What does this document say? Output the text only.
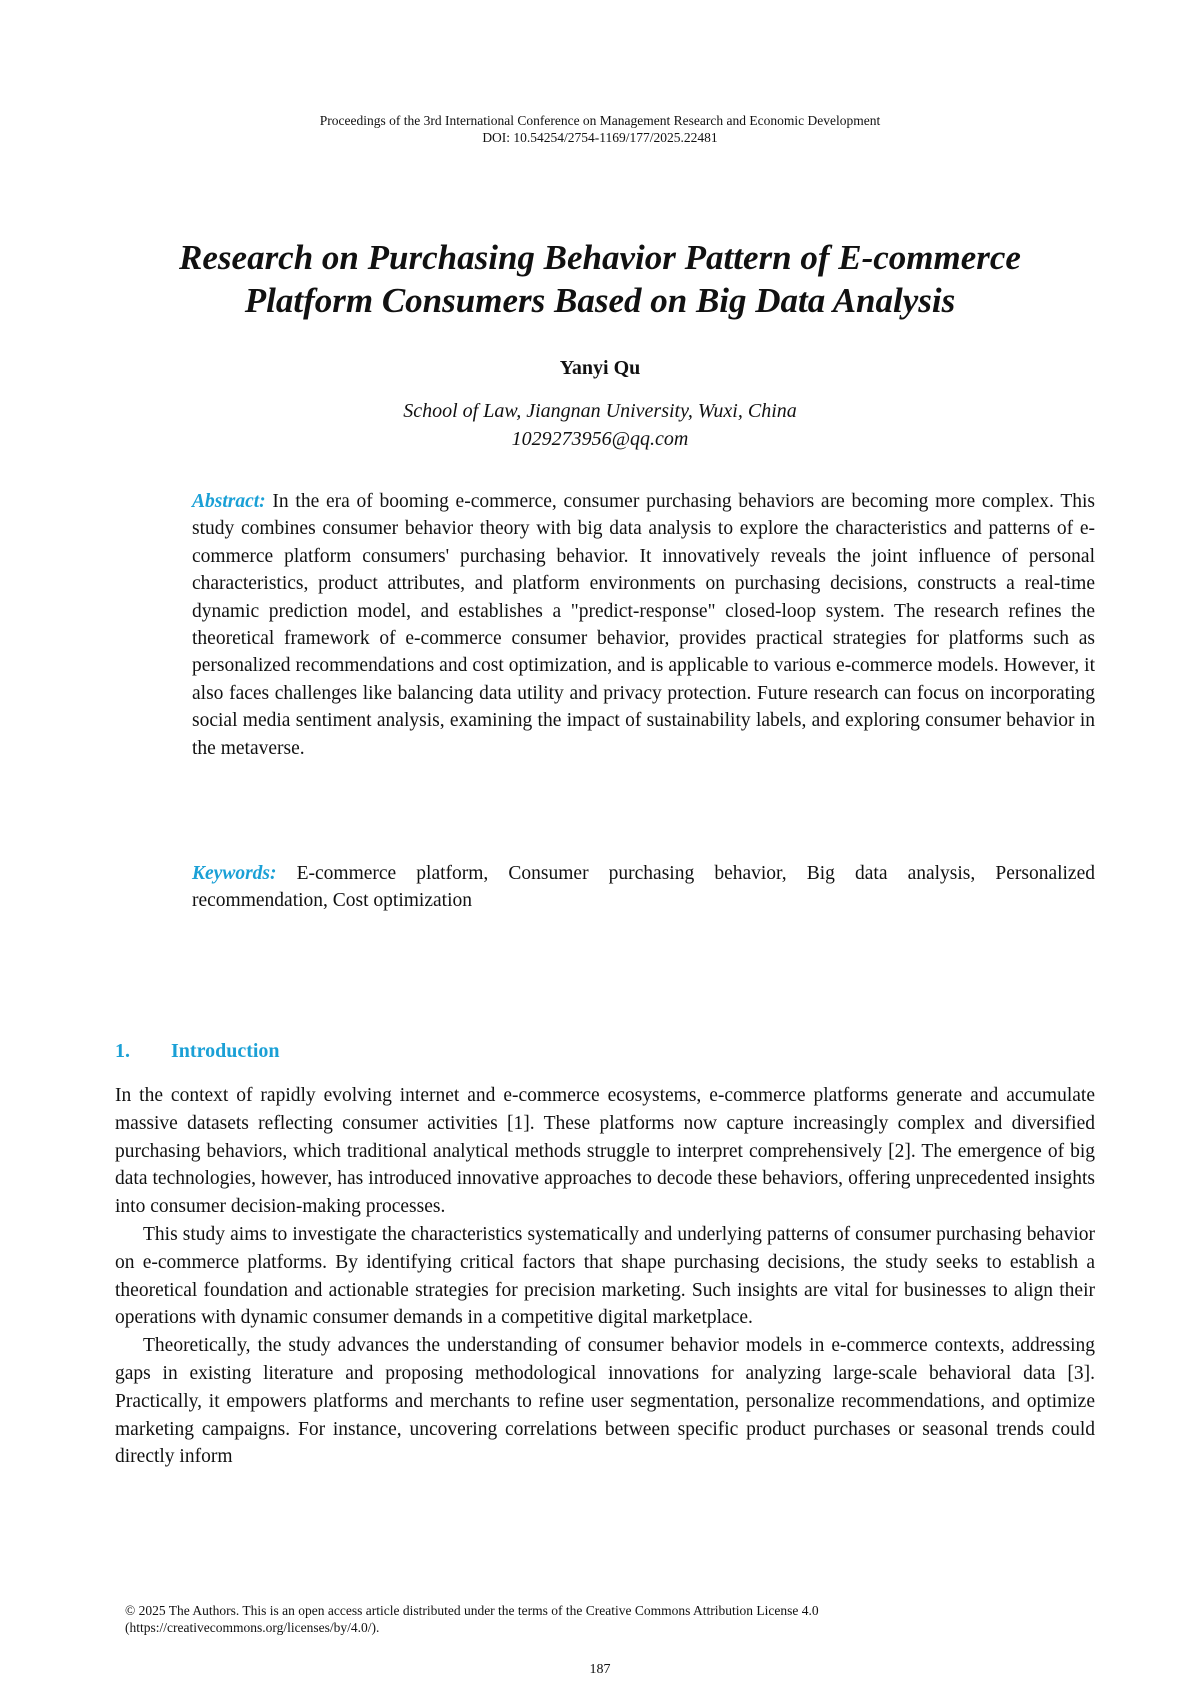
Proceedings of the 3rd International Conference on Management Research and Economic Development
DOI: 10.54254/2754-1169/177/2025.22481
Research on Purchasing Behavior Pattern of E-commerce
Platform Consumers Based on Big Data Analysis
Yanyi Qu
School of Law, Jiangnan University, Wuxi, China
1029273956@qq.com
Abstract: In the era of booming e-commerce, consumer purchasing behaviors are becoming more complex. This study combines consumer behavior theory with big data analysis to explore the characteristics and patterns of e-commerce platform consumers' purchasing behavior. It innovatively reveals the joint influence of personal characteristics, product attributes, and platform environments on purchasing decisions, constructs a real-time dynamic prediction model, and establishes a "predict-response" closed-loop system. The research refines the theoretical framework of e-commerce consumer behavior, provides practical strategies for platforms such as personalized recommendations and cost optimization, and is applicable to various e-commerce models. However, it also faces challenges like balancing data utility and privacy protection. Future research can focus on incorporating social media sentiment analysis, examining the impact of sustainability labels, and exploring consumer behavior in the metaverse.
Keywords: E-commerce platform, Consumer purchasing behavior, Big data analysis, Personalized recommendation, Cost optimization
1. Introduction

In the context of rapidly evolving internet and e-commerce ecosystems, e-commerce platforms generate and accumulate massive datasets reflecting consumer activities [1]. These platforms now capture increasingly complex and diversified purchasing behaviors, which traditional analytical methods struggle to interpret comprehensively [2]. The emergence of big data technologies, however, has introduced innovative approaches to decode these behaviors, offering unprecedented insights into consumer decision-making processes.

This study aims to investigate the characteristics systematically and underlying patterns of consumer purchasing behavior on e-commerce platforms. By identifying critical factors that shape purchasing decisions, the study seeks to establish a theoretical foundation and actionable strategies for precision marketing. Such insights are vital for businesses to align their operations with dynamic consumer demands in a competitive digital marketplace.

Theoretically, the study advances the understanding of consumer behavior models in e-commerce contexts, addressing gaps in existing literature and proposing methodological innovations for analyzing large-scale behavioral data [3]. Practically, it empowers platforms and merchants to refine user segmentation, personalize recommendations, and optimize marketing campaigns. For instance, uncovering correlations between specific product purchases or seasonal trends could directly inform

© 2025 The Authors. This is an open access article distributed under the terms of the Creative Commons Attribution License 4.0
(https://creativecommons.org/licenses/by/4.0/).
187
